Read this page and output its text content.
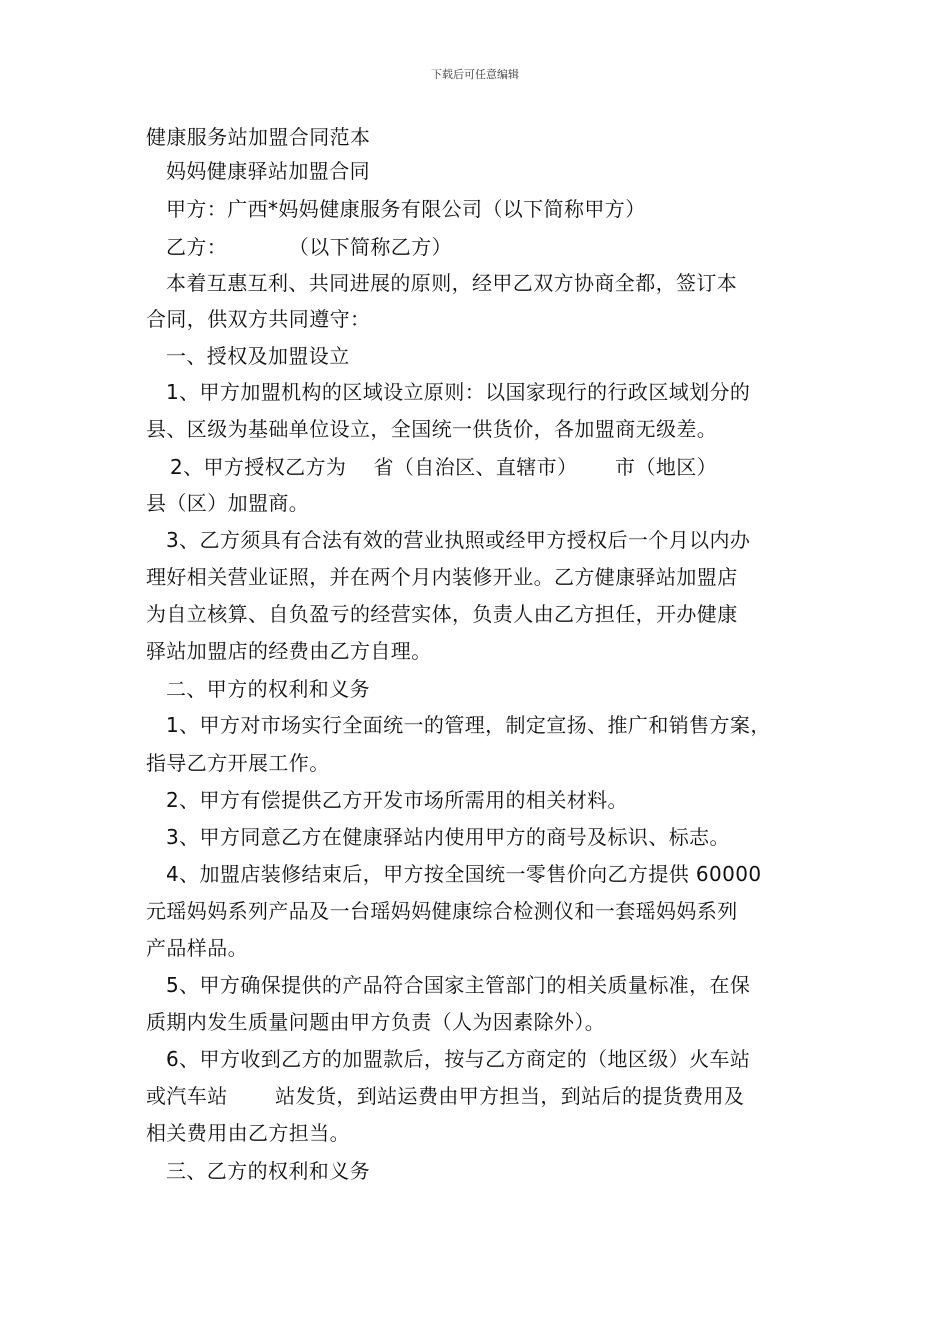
下载后可任意编辑
健康服务站加盟合同范本
妈妈健康驿站加盟合同
甲方：广西*妈妈健康服务有限公司（以下简称甲方）
乙方：　　　　（以下简称乙方）
本着互惠互利、共同进展的原则，经甲乙双方协商全都，签订本
合同，供双方共同遵守：
一、授权及加盟设立
1、甲方加盟机构的区域设立原则：以国家现行的行政区域划分的
县、区级为基础单位设立，全国统一供货价，各加盟商无级差。
2、甲方授权乙方为　 省（自治区、直辖市）　　 市（地区）
县（区）加盟商。
3、乙方须具有合法有效的营业执照或经甲方授权后一个月以内办
理好相关营业证照，并在两个月内装修开业。乙方健康驿站加盟店
为自立核算、自负盈亏的经营实体，负责人由乙方担任，开办健康
驿站加盟店的经费由乙方自理。
二、甲方的权利和义务
1、甲方对市场实行全面统一的管理，制定宣扬、推广和销售方案，
指导乙方开展工作。
2、甲方有偿提供乙方开发市场所需用的相关材料。
3、甲方同意乙方在健康驿站内使用甲方的商号及标识、标志。
4、加盟店装修结束后，甲方按全国统一零售价向乙方提供 60000
元瑶妈妈系列产品及一台瑶妈妈健康综合检测仪和一套瑶妈妈系列
产品样品。
5、甲方确保提供的产品符合国家主管部门的相关质量标准，在保
质期内发生质量问题由甲方负责（人为因素除外）。
6、甲方收到乙方的加盟款后，按与乙方商定的（地区级）火车站
或汽车站　　 站发货，到站运费由甲方担当，到站后的提货费用及
相关费用由乙方担当。
三、乙方的权利和义务
